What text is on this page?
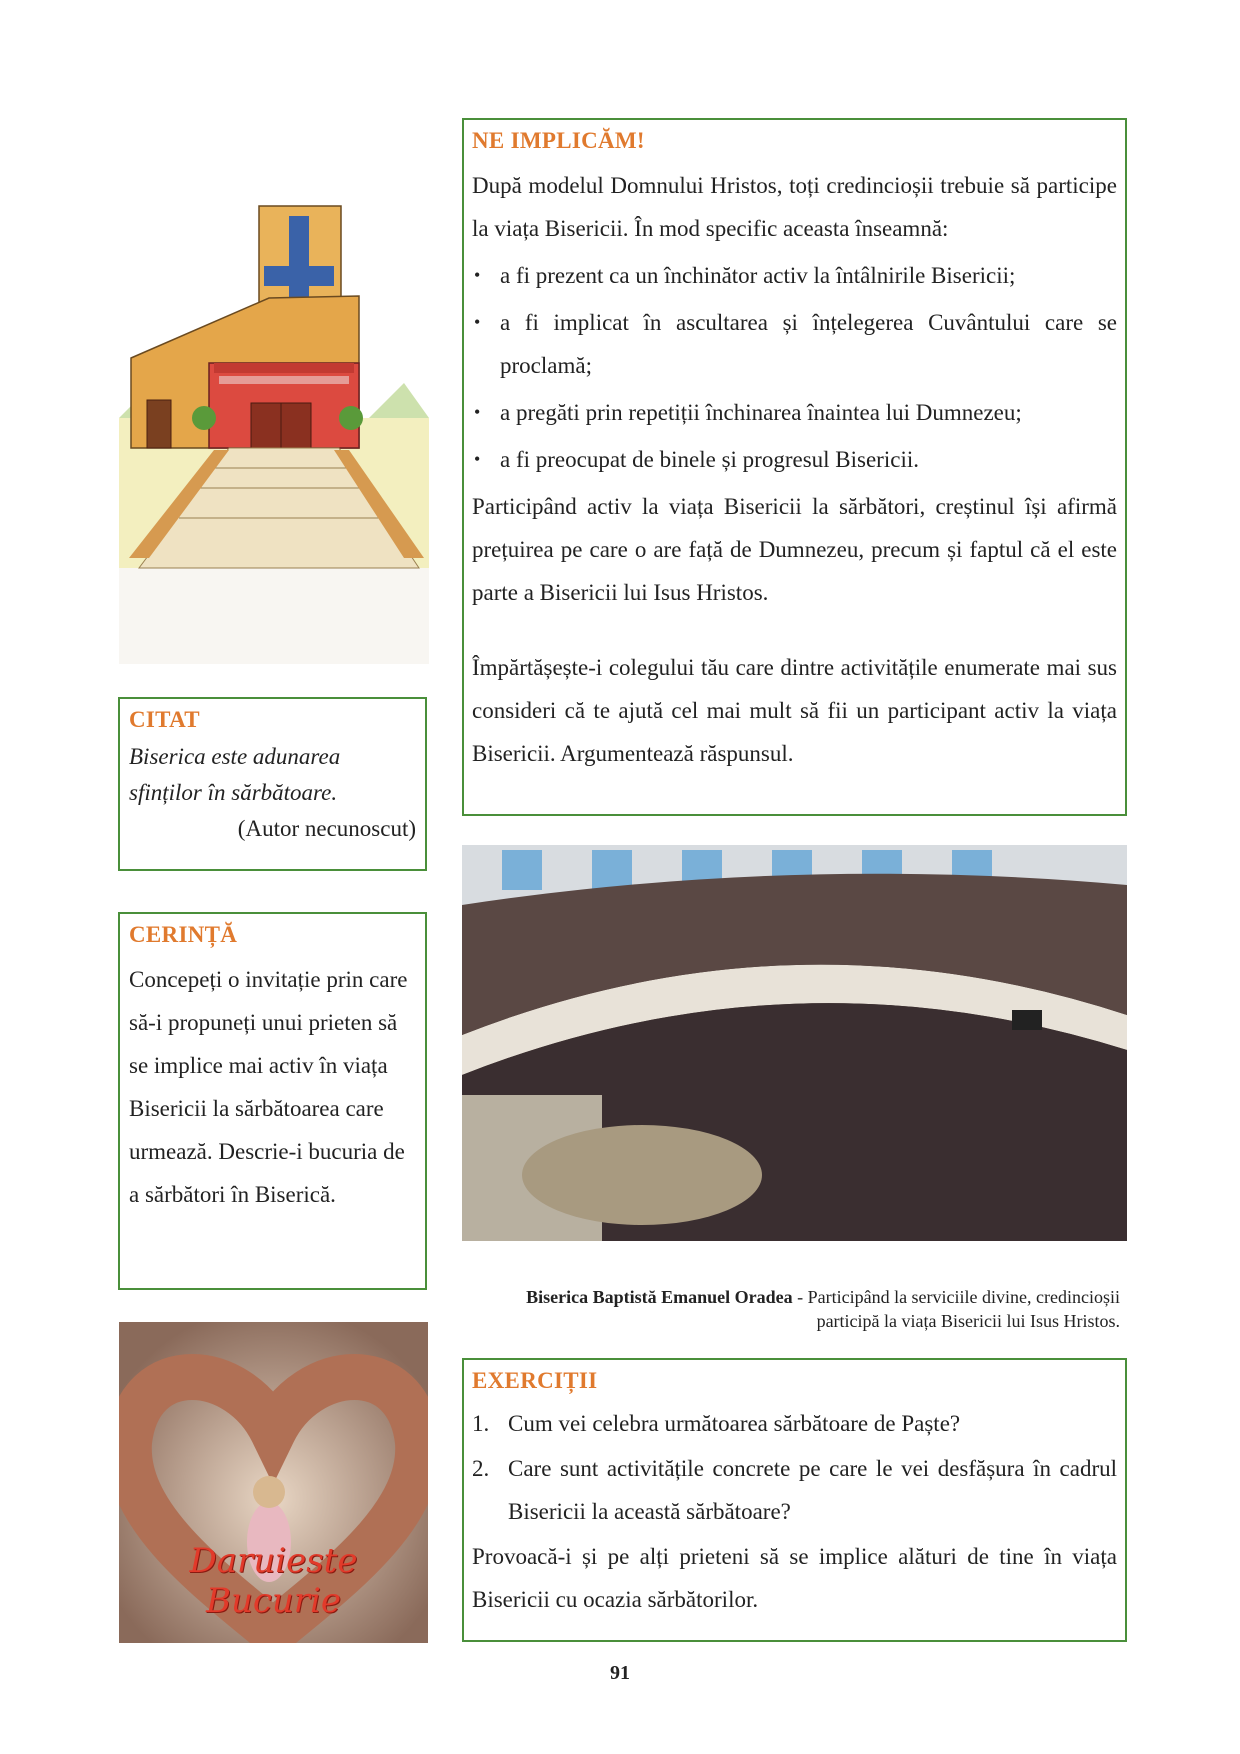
CITAT
Biserica este adunarea
sfinților în sărbătoare.
(Autor necunoscut)
CERINȚĂ
Concepeți o invitație prin care să-i propuneți unui prieten să se implice mai activ în viața Bisericii la sărbătoarea care urmează. Descrie-i bucuria de a sărbători în Biserică.
Daruieste Bucurie
NE IMPLICĂM!

După modelul Domnului Hristos, toți credincioșii trebuie să participe la viața Bisericii. În mod specific aceasta înseamnă:

• a fi prezent ca un închinător activ la întâlnirile Bisericii;
• a fi implicat în ascultarea și înțelegerea Cuvântului care se proclamă;
• a pregăti prin repetiții închinarea înaintea lui Dumnezeu;
• a fi preocupat de binele și progresul Bisericii.

Participând activ la viața Bisericii la sărbători, creștinul își afirmă prețuirea pe care o are față de Dumnezeu, precum și faptul că el este parte a Bisericii lui Isus Hristos.

Împărtășește-i colegului tău care dintre activitățile enumerate mai sus consideri că te ajută cel mai mult să fii un participant activ la viața Bisericii. Argumentează răspunsul.

Biserica Baptistă Emanuel Oradea - Participând la serviciile divine, credincioșii participă la viața Bisericii lui Isus Hristos.
EXERCIȚII
1. Cum vei celebra următoarea sărbătoare de Paște?
2. Care sunt activitățile concrete pe care le vei desfășura în cadrul Bisericii la această sărbătoare?

Provoacă-i și pe alți prieteni să se implice alături de tine în viața Bisericii cu ocazia sărbătorilor.

91
